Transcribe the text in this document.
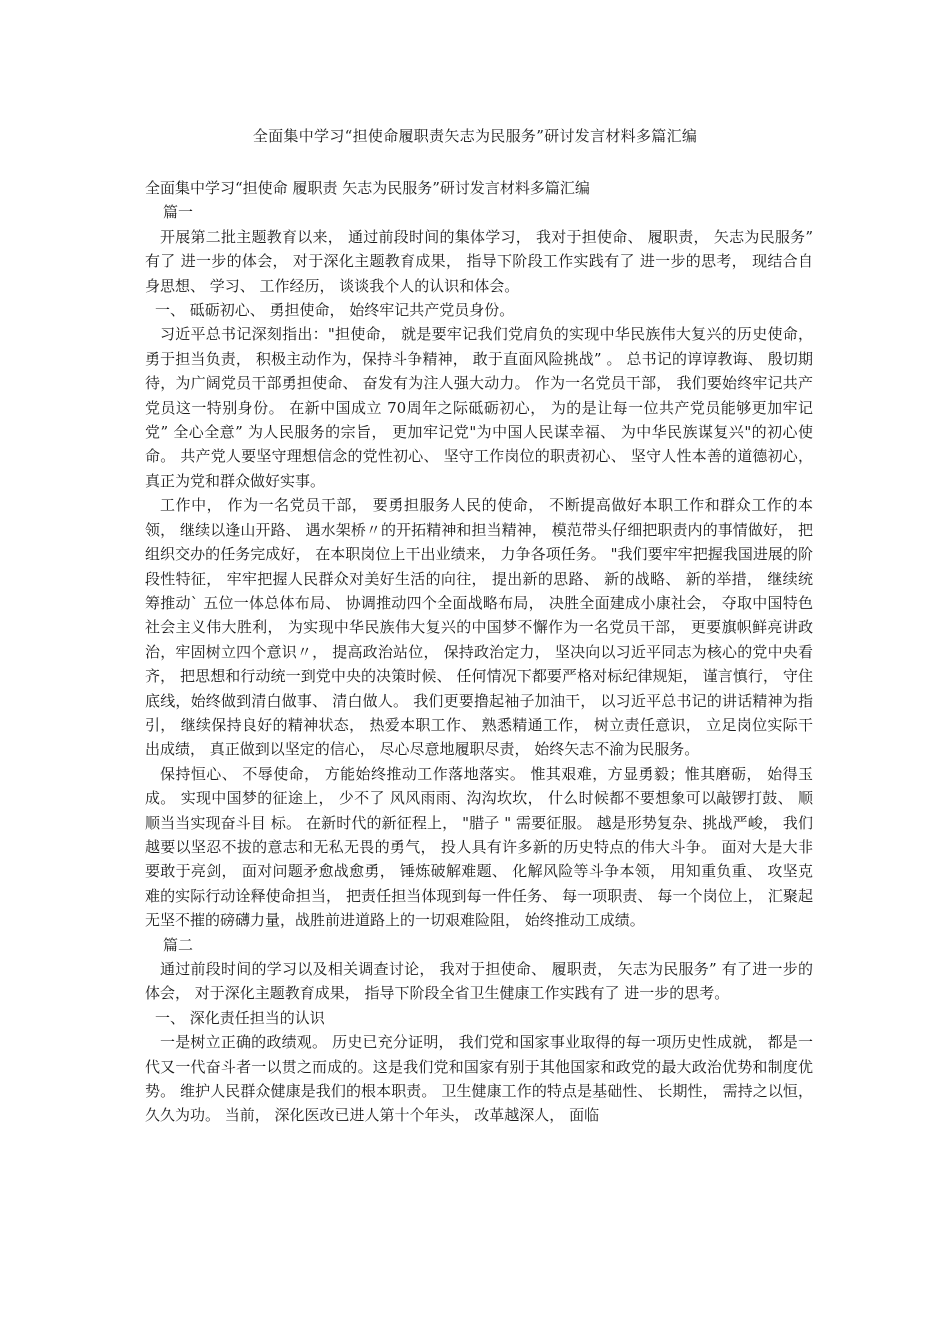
全面集中学习“担使命履职责矢志为民服务”研讨发言材料多篇汇编

全面集中学习“担使命 履职责 矢志为民服务”研讨发言材料多篇汇编

篇一

开展第二批主题教育以来， 通过前段时间的集体学习， 我对于担使命、 履职责， 矢志为民服务” 有了 进一步的体会， 对于深化主题教育成果， 指导下阶段工作实践有了 进一步的思考， 现结合自身思想、 学习、 工作经历， 谈谈我个人的认识和体会。

一、 砥砺初心、 勇担使命， 始终牢记共产党员身份。

习近平总书记深刻指出："担使命， 就是要牢记我们党肩负的实现中华民族伟大复兴的历史使命， 勇于担当负责， 积极主动作为，保持斗争精神， 敢于直面风险挑战” 。 总书记的谆谆教诲、 殷切期待，为广阔党员干部勇担使命、 奋发有为注人强大动力。 作为一名党员干部， 我们要始终牢记共产党员这一特别身份。 在新中国成立 70周年之际砥砺初心， 为的是让每一位共产党员能够更加牢记党” 全心全意” 为人民服务的宗旨， 更加牢记党"为中国人民谋幸福、 为中华民族谋复兴"的初心使命。 共产党人要坚守理想信念的党性初心、 坚守工作岗位的职责初心、 坚守人性本善的道德初心， 真正为党和群众做好实事。

工作中， 作为一名党员干部， 要勇担服务人民的使命， 不断提高做好本职工作和群众工作的本领， 继续以逢山开路、 遇水架桥〃的开拓精神和担当精神， 模范带头仔细把职责内的事情做好， 把组织交办的任务完成好， 在本职岗位上干出业绩来， 力争各项任务。 "我们要牢牢把握我国进展的阶段性特征， 牢牢把握人民群众对美好生活的向往， 提出新的思路、 新的战略、 新的举措， 继续统筹推动` 五位一体总体布局、 协调推动四个全面战略布局， 决胜全面建成小康社会， 夺取中国特色社会主义伟大胜利， 为实现中华民族伟大复兴的中国梦不懈作为一名党员干部， 更要旗帜鲜亮讲政治，牢固树立四个意识〃， 提高政治站位， 保持政治定力， 坚决向以习近平同志为核心的党中央看齐， 把思想和行动统一到党中央的决策时候、 任何情况下都要严格对标纪律规矩， 谨言慎行， 守住底线，始终做到清白做事、 清白做人。 我们更要撸起袖子加油干， 以习近平总书记的讲话精神为指引， 继续保持良好的精神状态， 热爱本职工作、 熟悉精通工作， 树立责任意识， 立足岗位实际干出成绩， 真正做到以坚定的信心， 尽心尽意地履职尽责， 始终矢志不渝为民服务。

保持恒心、 不辱使命， 方能始终推动工作落地落实。 惟其艰难，方显勇毅；惟其磨砺， 始得玉成。 实现中国梦的征途上， 少不了 风风雨雨、沟沟坎坎， 什么时候都不要想象可以敲锣打鼓、 顺顺当当实现奋斗目 标。 在新时代的新征程上， "腊子 " 需要征服。 越是形势复杂、挑战严峻， 我们越要以坚忍不拔的意志和无私无畏的勇气， 投人具有许多新的历史特点的伟大斗争。 面对大是大非要敢于亮剑， 面对问题矛愈战愈勇， 锤炼破解难题、 化解风险等斗争本领， 用知重负重、 攻坚克难的实际行动诠释使命担当， 把责任担当体现到每一件任务、 每一项职责、 每一个岗位上， 汇聚起无坚不摧的磅礴力量，战胜前进道路上的一切艰难险阻， 始终推动工成绩。

篇二

通过前段时间的学习以及相关调查讨论， 我对于担使命、 履职责， 矢志为民服务” 有了进一步的体会， 对于深化主题教育成果， 指导下阶段全省卫生健康工作实践有了 进一步的思考。

一、 深化责任担当的认识

一是树立正确的政绩观。 历史已充分证明， 我们党和国家事业取得的每一项历史性成就， 都是一代又一代奋斗者一以贯之而成的。这是我们党和国家有别于其他国家和政党的最大政治优势和制度优势。 维护人民群众健康是我们的根本职责。 卫生健康工作的特点是基础性、 长期性， 需持之以恒， 久久为功。 当前， 深化医改已进人第十个年头， 改革越深人， 面临
